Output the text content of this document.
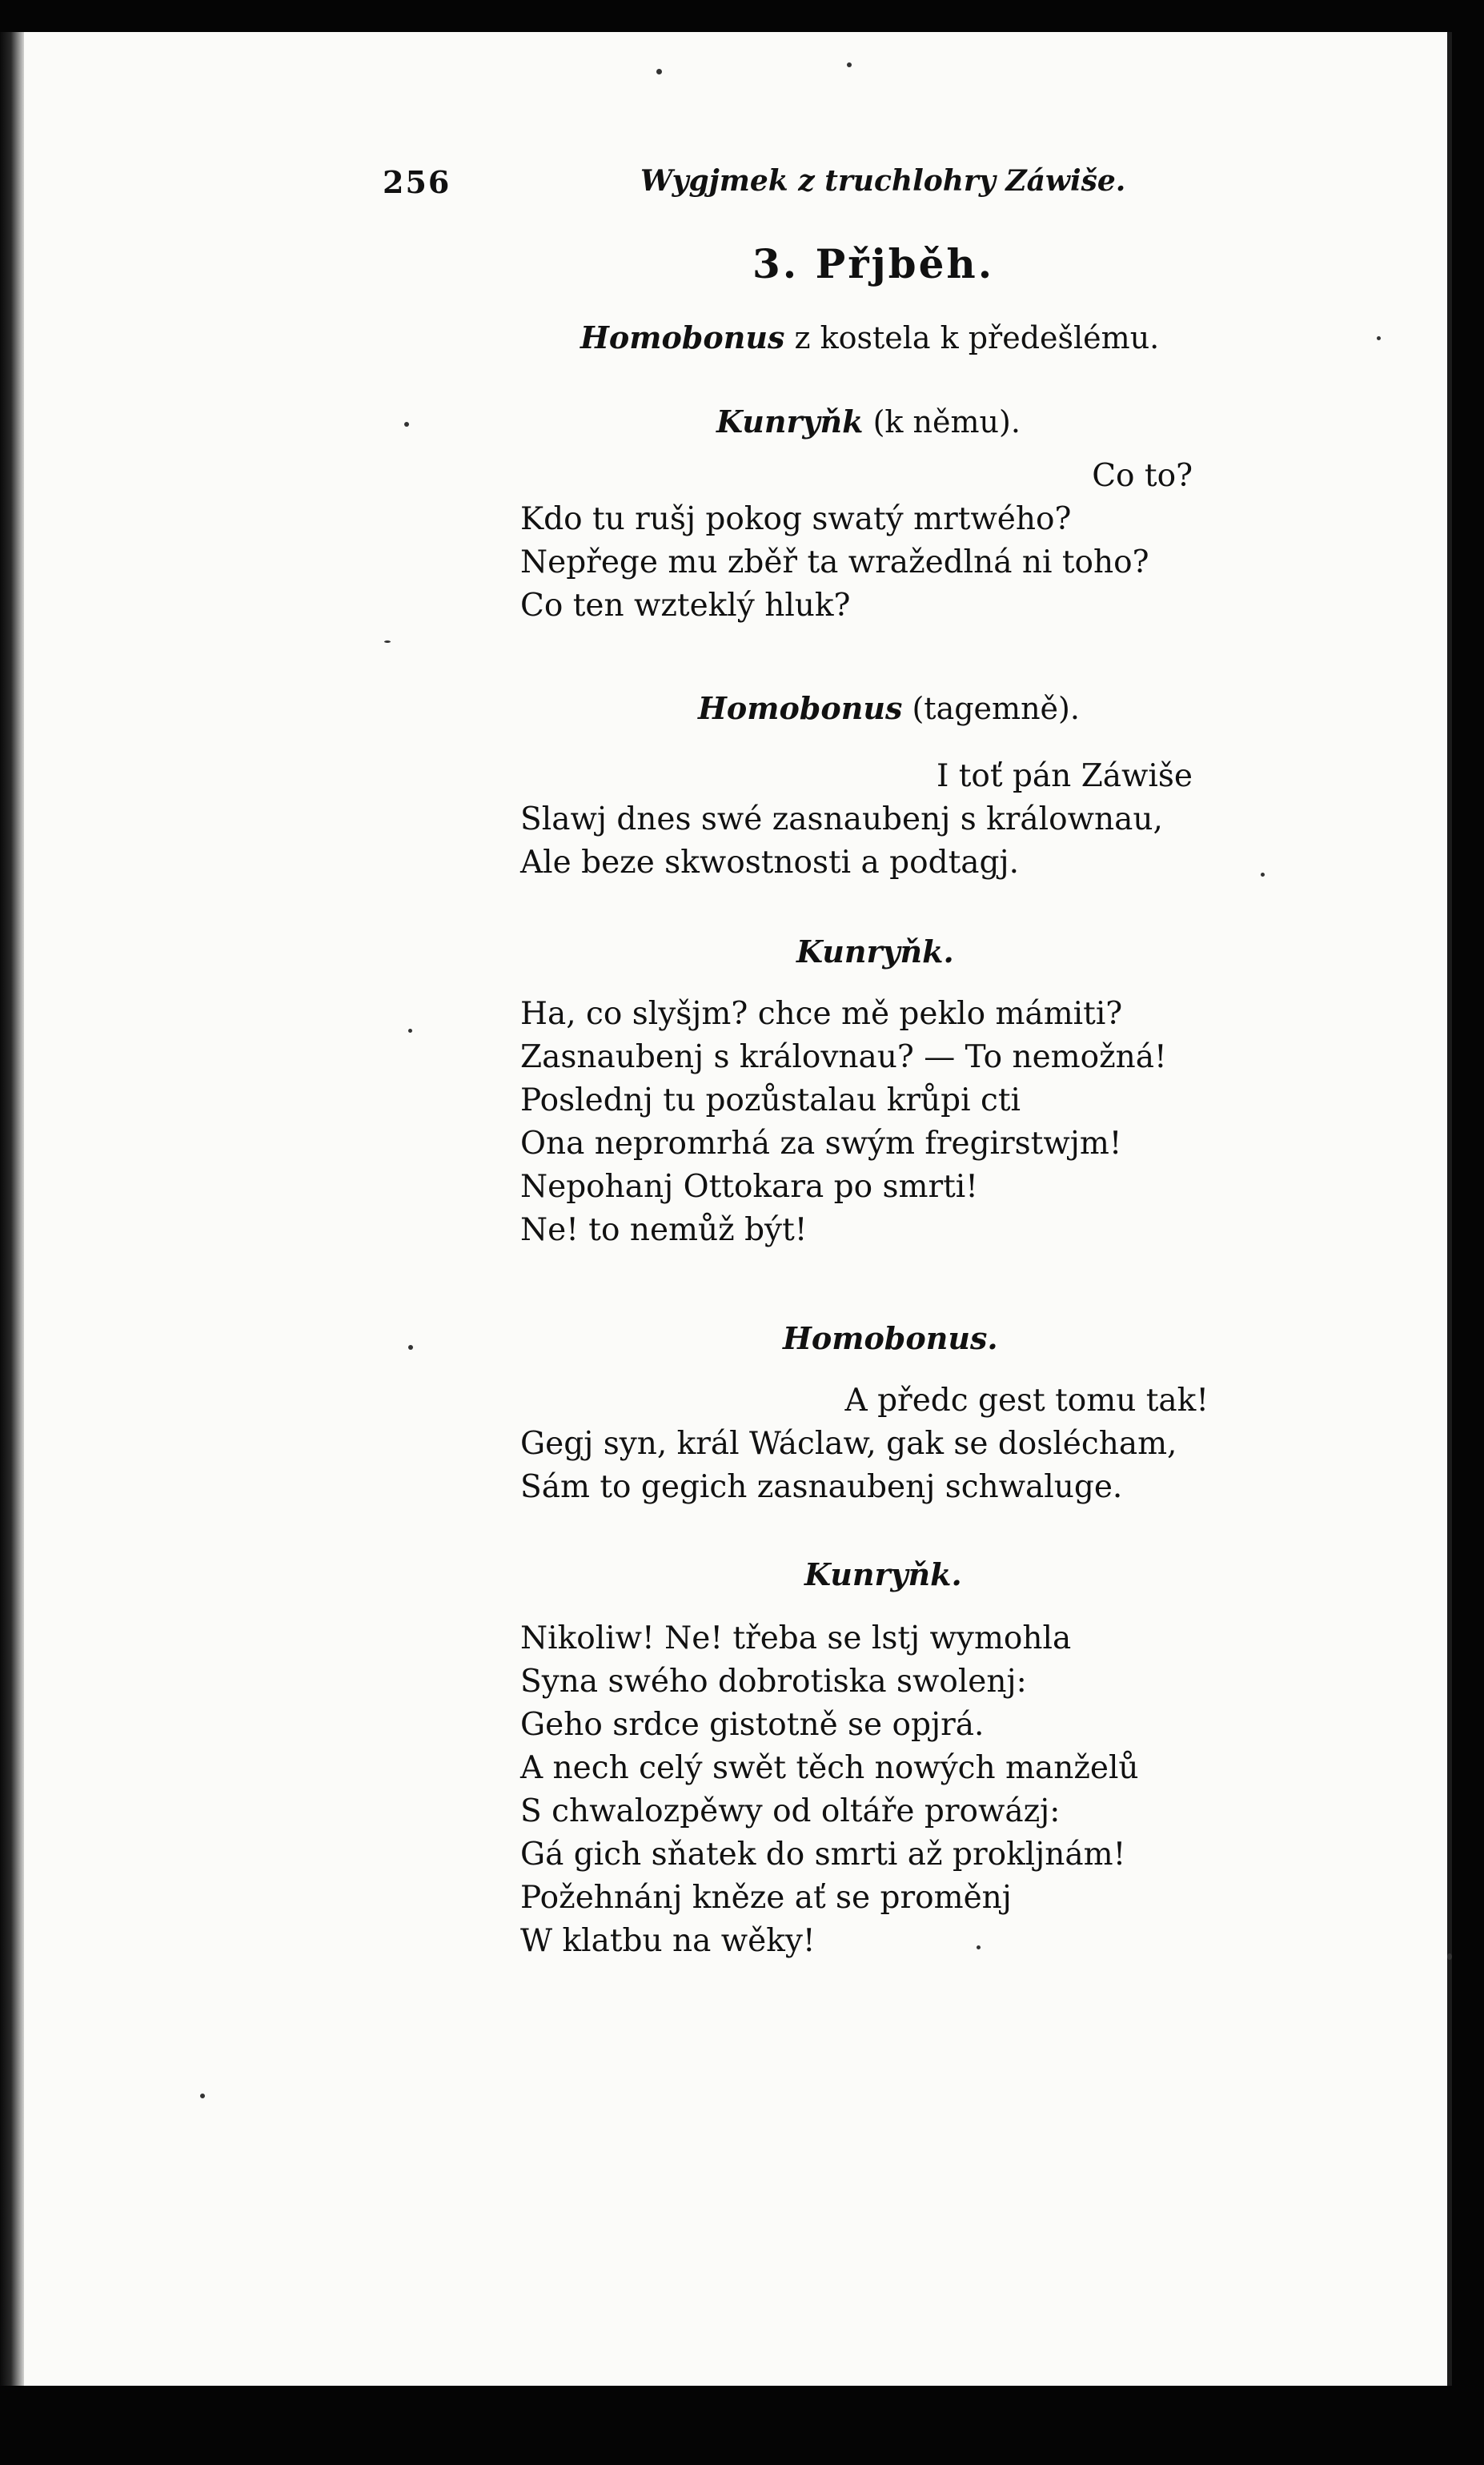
256	Wygjmek z truchlohry Záwiše.
3. Přjběh.
Homobonus z kostela k předešlému.
Kunryňk (k němu).
Co to?
Kdo tu rušj pokog swatý mrtwého?
Nepřege mu zběř ta wražedlná ni toho?
Co ten wzteklý hluk?
Homobonus (tagemně).
I toť pán Záwiše
Slawj dnes swé zasnaubenj s králownau,
Ale beze skwostnosti a podtagj.
Kunryňk.
Ha, co slyšjm? chce mě peklo mámiti?
Zasnaubenj s královnau? — To nemožná!
Poslednj tu pozůstalau krůpi cti
Ona nepromrhá za swým fregirstwjm!
Nepohanj Ottokara po smrti!
Ne! to nemůž být!
Homobonus.
A předc gest tomu tak!
Gegj syn, král Wáclaw, gak se doslécham,
Sám to gegich zasnaubenj schwaluge.
Kunryňk.
Nikoliw! Ne! třeba se lstj wymohla
Syna swého dobrotiska swolenj:
Geho srdce gistotně se opjrá.
A nech celý swět těch nowých manželů
S chwalozpěwy od oltáře prowázj:
Gá gich sňatek do smrti až prokljnám!
Požehnánj kněze ať se proměnj
W klatbu na wěky!
